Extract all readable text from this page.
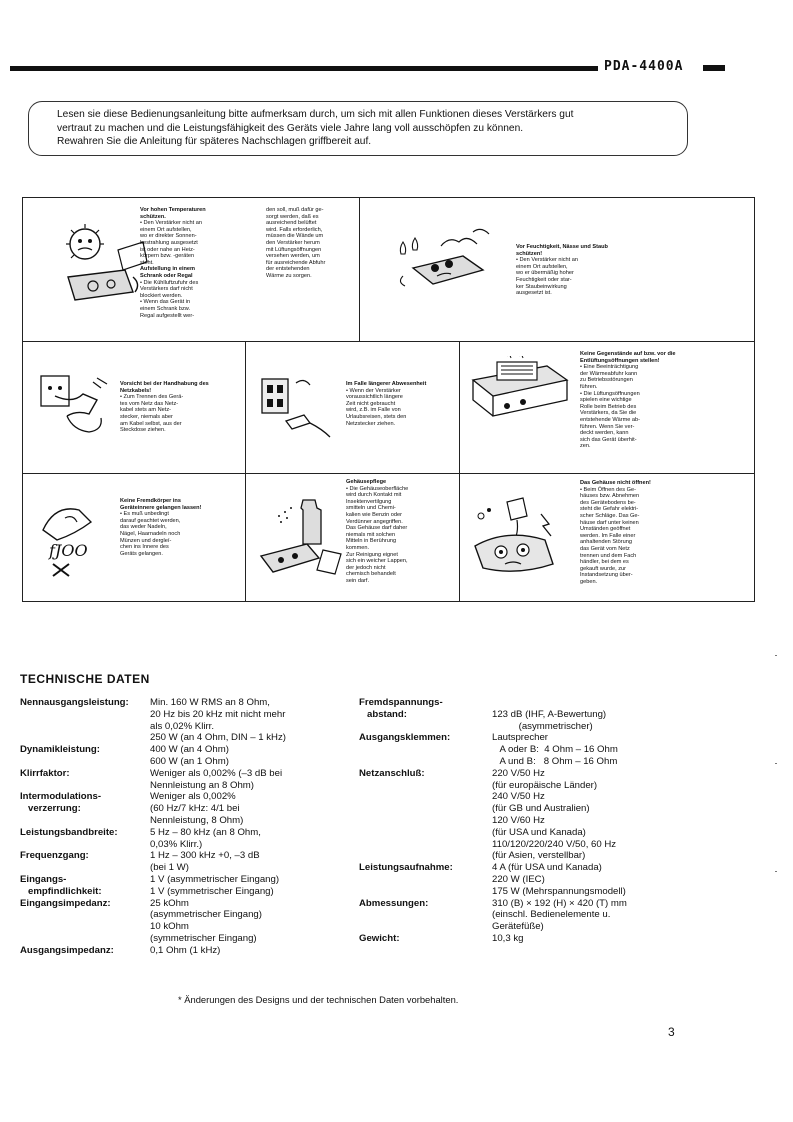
PDA-4400A

Lesen sie diese Bedienungsanleitung bitte aufmerksam durch, um sich mit allen Funktionen dieses Verstärkers gut

vertraut zu machen und die Leistungsfähigkeit des Geräts viele Jahre lang voll ausschöpfen zu können.

Rewahren Sie die Anleitung für späteres Nachschlagen griffbereit auf.

Vor hohen Temperaturen schützen.
• Den Verstärker nicht an
einem Ort aufstellen,
wo er direkter Sonnen-
bestrahlung ausgesetzt
ist oder nahe an Heiz-
körpern bzw. -geräten
steht.
Aufstellung in einem Schrank oder Regal
• Die Kühlluftzufuhr des
Verstärkers darf nicht
blockiert werden.
• Wenn das Gerät in
einem Schrank bzw.
Regal aufgestellt wer-
den soll, muß dafür ge-
sorgt werden, daß es
ausreichend belüftet
wird. Falls erforderlich,
müssen die Wände um
den Verstärker herum
mit Lüftungsöffnungen
versehen werden, um
für ausreichende Abfuhr
der entstehenden
Wärme zu sorgen.
Vor Feuchtigkeit, Nässe und Staub schützen!
• Den Verstärker nicht an
einem Ort aufstellen,
wo er übermäßig hoher
Feuchtigkeit oder star-
ker Staubeinwirkung
ausgesetzt ist.
Vorsicht bei der Handhabung des Netzkabels!
• Zum Trennen des Gerä-
tes vom Netz das Netz-
kabel stets am Netz-
stecker, niemals aber
am Kabel selbst, aus der
Steckdose ziehen.
Im Falle längerer Abwesenheit
• Wenn der Verstärker
voraussichtlich längere
Zeit nicht gebraucht
wird, z.B. im Falle von
Urlaubsreisen, stets den
Netzstecker ziehen.
Keine Gegenstände auf bzw. vor die Entlüftungsöffnungen stellen!
• Eine Beeinträchtigung
der Wärmeabfuhr kann
zu Betriebsstörungen
führen.
• Die Lüftungsöffnungen
spielen eine wichtige
Rolle beim Betrieb des
Verstärkers, da Sie die
entstehende Wärme ab-
führen. Wenn Sie ver-
deckt werden, kann
sich das Gerät überhit-
zen.
fJOO
Keine Fremdkörper ins Geräteinnere gelangen lassen!
• Es muß unbedingt
darauf geachtet werden,
das weder Nadeln,
Nägel, Haarnadeln noch
Münzen und dergleí-
chen ins Innere des
Geräts gelangen.
Gehäusepflege
• Die Gehäuseoberfläche
wird durch Kontakt mit
Insektenvertilgung
smitteln und Chemi-
kalien wie Benzin oder
Verdünner angegriffen.
Das Gehäuse darf daher
niemals mit solchen
Mitteln in Berührung
kommen.
Zur Reinigung eignet
sich ein weicher Lappen,
der jedoch nicht
chemisch behandelt
sein darf.
Das Gehäuse nicht öffnen!
• Beim Öffnen des Ge-
häuses bzw. Abnehmen
des Gerätebodens be-
steht die Gefahr elektri-
scher Schläge. Das Ge-
häuse darf unter keinen
Umständen geöffnet
werden. Im Falle einer
anhaltenden Störung
das Gerät vom Netz
trennen und dem Fach
händler, bei dem es
gekauft wurde, zur
Instandsetzung über-
geben.
TECHNISCHE DATEN
Nennausgangsleistung: Min. 160 W RMS an 8 Ohm,
20 Hz bis 20 kHz mit nicht mehr
als 0,02% Klirr.
250 W (an 4 Ohm, DIN – 1 kHz)
Dynamikleistung:	400 W (an 4 Ohm)
600 W (an 1 Ohm)
Klirrfaktor:	Weniger als 0,002% (–3 dB bei
Nennleistung an 8 Ohm)
Intermodulations-
verzerrung:
Weniger als 0,002%
(60 Hz/7 kHz: 4/1 bei
Nennleistung, 8 Ohm)
Leistungsbandbreite:	5 Hz – 80 kHz (an 8 Ohm,
0,03% Klirr.)
Frequenzgang:	1 Hz – 300 kHz +0, –3 dB
(bei 1 W)
Eingangs-
empfindlichkeit:
1 V (asymmetrischer Eingang)
1 V (symmetrischer Eingang)
Eingangsimpedanz:	25 kOhm
(asymmetrischer Eingang)
10 kOhm
(symmetrischer Eingang)
Ausgangsimpedanz:	0,1 Ohm (1 kHz)
Fremdspannungs-
abstand:	123 dB (IHF, A-Bewertung)
(asymmetrischer)
Ausgangsklemmen:	Lautsprecher
A oder B:  4 Ohm – 16 Ohm
A und B:   8 Ohm – 16 Ohm
Netzanschluß:	220 V/50 Hz
(für europäische Länder)
240 V/50 Hz
(für GB und Australien)
120 V/60 Hz
(für USA und Kanada)
110/120/220/240 V/50, 60 Hz
(für Asien, verstellbar)
Leistungsaufnahme:	4 A (für USA und Kanada)
220 W (IEC)
175 W (Mehrspannungsmodell)
Abmessungen:	310 (B) × 192 (H) × 420 (T) mm
(einschl. Bedienelemente u.
Gerätefüße)
Gewicht:	10,3 kg
* Änderungen des Designs und der technischen Daten vorbehalten.
3
